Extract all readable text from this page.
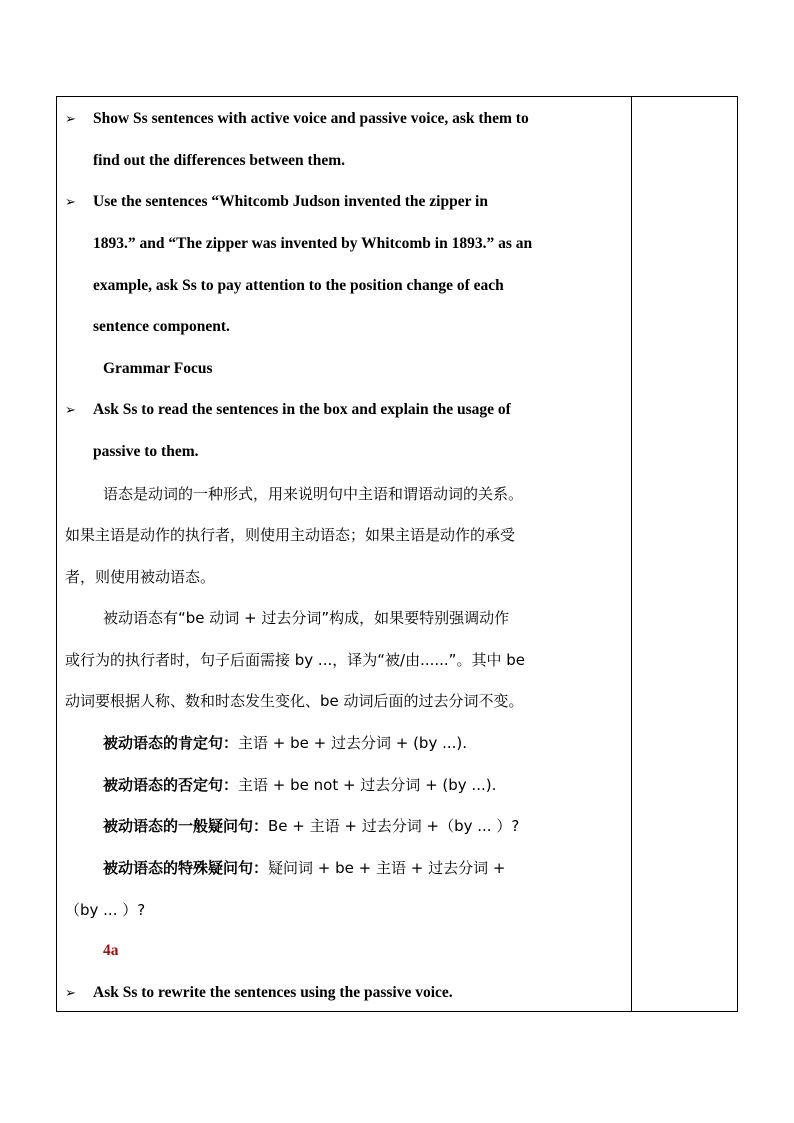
➢ Show Ss sentences with active voice and passive voice, ask them to
find out the differences between them.
➢ Use the sentences “Whitcomb Judson invented the zipper in
1893.” and “The zipper was invented by Whitcomb in 1893.” as an
example, ask Ss to pay attention to the position change of each
sentence component.
Grammar Focus
➢ Ask Ss to read the sentences in the box and explain the usage of
passive to them.
语态是动词的一种形式，用来说明句中主语和谓语动词的关系。
如果主语是动作的执行者，则使用主动语态；如果主语是动作的承受
者，则使用被动语态。
被动语态有“be 动词 + 过去分词”构成，如果要特别强调动作
或行为的执行者时，句子后面需接 by ...，译为“被/由......”。其中 be
动词要根据人称、数和时态发生变化、be 动词后面的过去分词不变。
被动语态的肯定句：主语 + be + 过去分词 + (by ...).
被动语态的否定句：主语 + be not + 过去分词 + (by ...).
被动语态的一般疑问句：Be + 主语 + 过去分词 +（by ... ）?
被动语态的特殊疑问句：疑问词 + be + 主语 + 过去分词 +
（by ... ）?
4a
➢ Ask Ss to rewrite the sentences using the passive voice.
